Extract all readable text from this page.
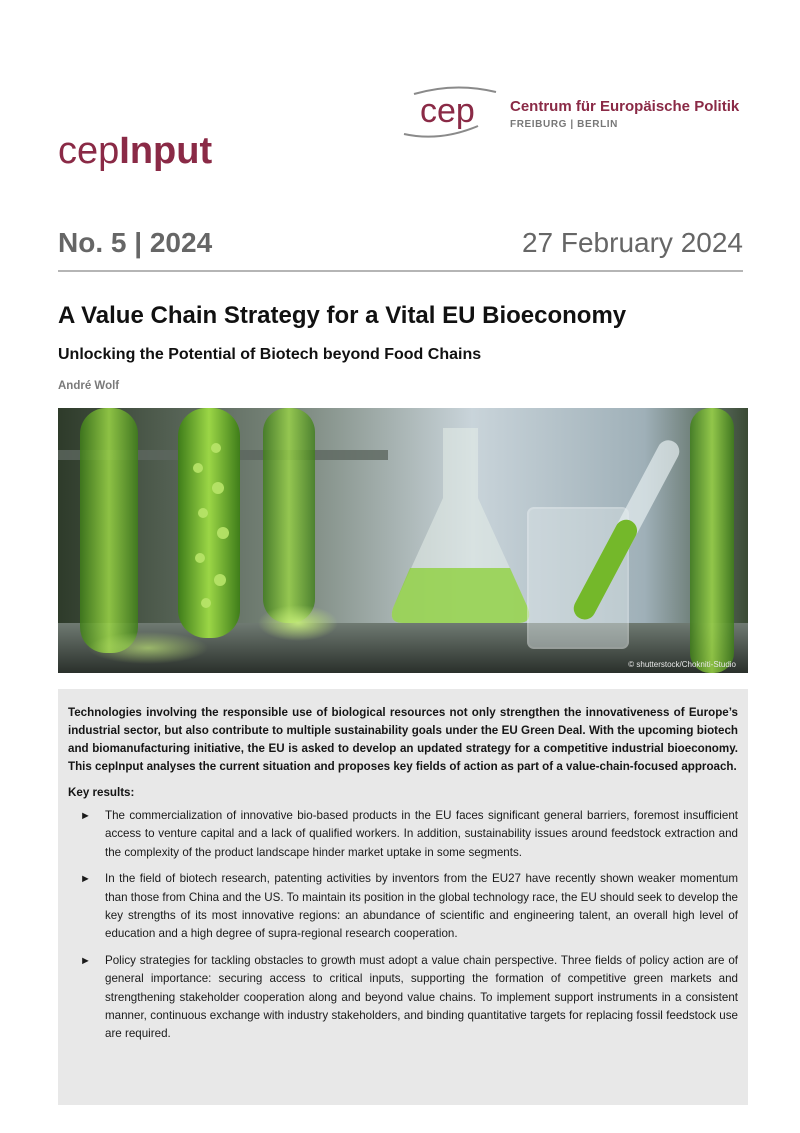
cep Centrum für Europäische Politik
FREIBURG | BERLIN
cepInput
No. 5 | 2024	27 February 2024
A Value Chain Strategy for a Vital EU Bioeconomy
Unlocking the Potential of Biotech beyond Food Chains
André Wolf
© shutterstock/Chokniti-Studio

Technologies involving the responsible use of biological resources not only strengthen the innovativeness of Europe’s industrial sector, but also contribute to multiple sustainability goals under the EU Green Deal. With the upcoming biotech and biomanufacturing initiative, the EU is asked to develop an updated strategy for a competitive industrial bioeconomy. This cepInput analyses the current situation and proposes key fields of action as part of a value-chain-focused approach.

Key results:
► The commercialization of innovative bio-based products in the EU faces significant general barriers, foremost insufficient access to venture capital and a lack of qualified workers. In addition, sustainability issues around feedstock extraction and the complexity of the product landscape hinder market uptake in some segments.
► In the field of biotech research, patenting activities by inventors from the EU27 have recently shown weaker momentum than those from China and the US. To maintain its position in the global technology race, the EU should seek to develop the key strengths of its most innovative regions: an abundance of scientific and engineering talent, an overall high level of education and a high degree of supra-regional research cooperation.
► Policy strategies for tackling obstacles to growth must adopt a value chain perspective. Three fields of policy action are of general importance: securing access to critical inputs, supporting the formation of competitive green markets and strengthening stakeholder cooperation along and beyond value chains. To implement support instruments in a consistent manner, continuous exchange with industry stakeholders, and binding quantitative targets for replacing fossil feedstock use are required.
